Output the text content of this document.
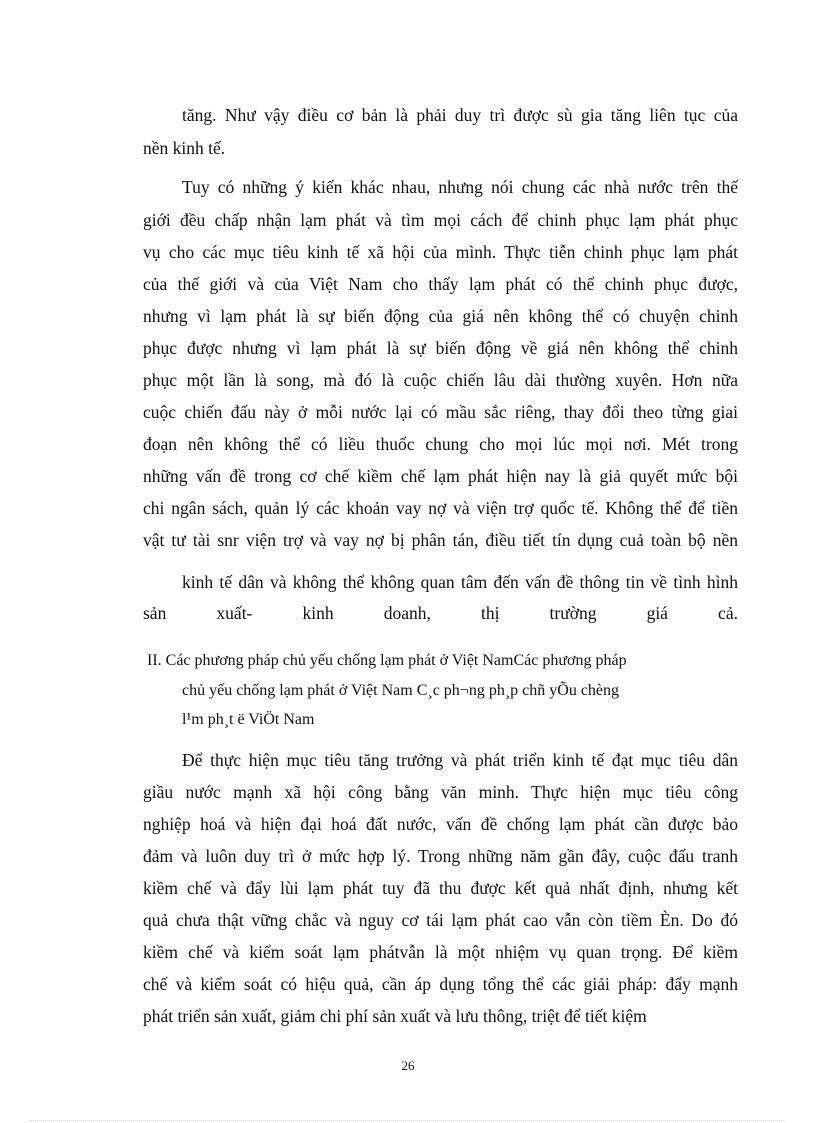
tăng. Như vậy điều cơ bản là phải duy trì được sù gia tăng liên tục của
nền kinh tế.
Tuy có những ý kiến khác nhau, nhưng nói chung các nhà nước trên thế
giới đều chấp nhận lạm phát và tìm mọi cách để chinh phục lạm phát phục
vụ cho các mục tiêu kinh tế xã hội của mình. Thực tiễn chinh phục lạm phát
của thế giới và của Việt Nam cho thấy lạm phát có thể chinh phục được,
nhưng vì lạm phát là sự biến động của giá nên không thể có chuyện chinh
phục được nhưng vì lạm phát là sự biến động về giá nên không thể chinh
phục một lần là song, mà đó là cuộc chiến lâu dài thường xuyên. Hơn nữa
cuộc chiến đấu này ở mỗi nước lại có mầu sắc riêng, thay đổi theo từng giai
đoạn nên không thể có liều thuốc chung cho mọi lúc mọi nơi. Mét trong
những vấn đề trong cơ chế kiềm chế lạm phát hiện nay là giả quyết mức bội
chi ngân sách, quản lý các khoản vay nợ và viện trợ quốc tế. Không thể để tiền
vật tư tài snr viện trợ và vay nợ bị phân tán, điều tiết tín dụng cuả toàn bộ nền
kinh tế dân và không thể không quan tâm đến vấn đề thông tin về tình hình
sản	xuất-	kinh	doanh,	thị	trường	giá	cả.
II. Các phương pháp chủ yếu chống lạm phát ở Việt NamCác phương pháp
chủ yếu chống lạm phát ở Việt Nam C¸c ph¬ng ph¸p chñ yÕu chèng
l¹m ph¸t ë ViÖt Nam
Để thực hiện mục tiêu tăng trưởng và phát triển kinh tế đạt mục tiêu dân
giầu nước mạnh xã hội công bằng văn minh. Thực hiện mục tiêu công
nghiệp hoá và hiện đại hoá đất nước, vấn đề chống lạm phát cần được bảo
đảm và luôn duy trì ở mức hợp lý. Trong những năm gần đây, cuộc đấu tranh
kiềm chế và đẩy lùi lạm phát tuy đã thu được kết quả nhất định, nhưng kết
quả chưa thật vững chắc và nguy cơ tái lạm phát cao vẫn còn tiềm Èn. Do đó
kiềm chế và kiểm soát lạm phátvẫn là một nhiệm vụ quan trọng. Để kiềm
chế và kiểm soát có hiệu quả, cần áp dụng tổng thể các giải pháp: đẩy mạnh
phát triển sản xuất, giảm chi phí sản xuất và lưu thông, triệt để tiết kiệm
26
